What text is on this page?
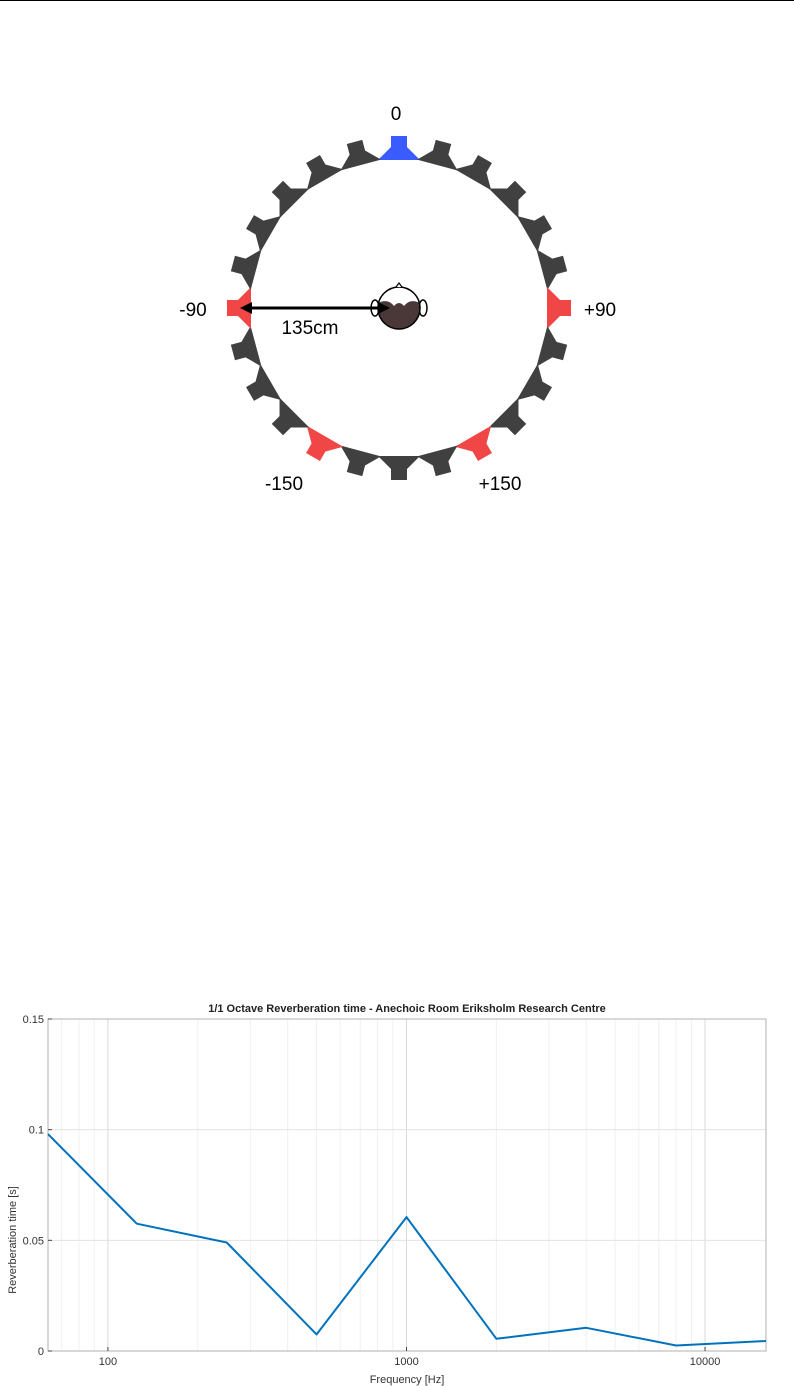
135cm
0
-90	+90
-150	+150
1/1 Octave Reverberation time - Anechoic Room Eriksholm Research Centre
100	1000	10000
0
0.05
0.1
0.15
Frequency [Hz]
Reverberation time [s]
